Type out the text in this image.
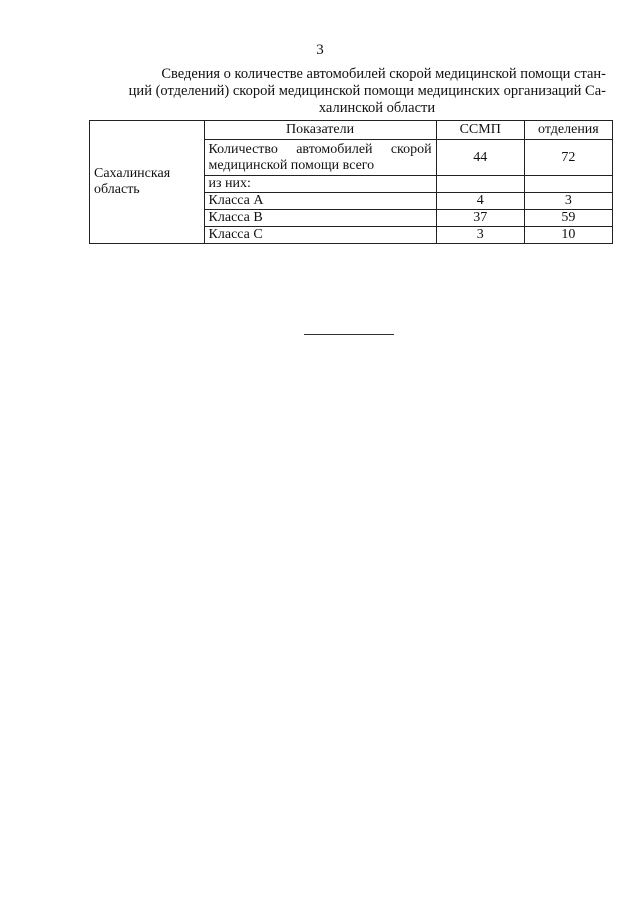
3
Сведения о количестве автомобилей скорой медицинской помощи стан-
ций (отделений) скорой медицинской помощи медицинских организаций Са-
халинской области
Сахалинская
область	Показатели	ССМП	отделения
	Количество автомобилей скорой медицинской помощи всего	44	72
	из них:		
	Класса А	4	3
	Класса В	37	59
	Класса С	3	10
